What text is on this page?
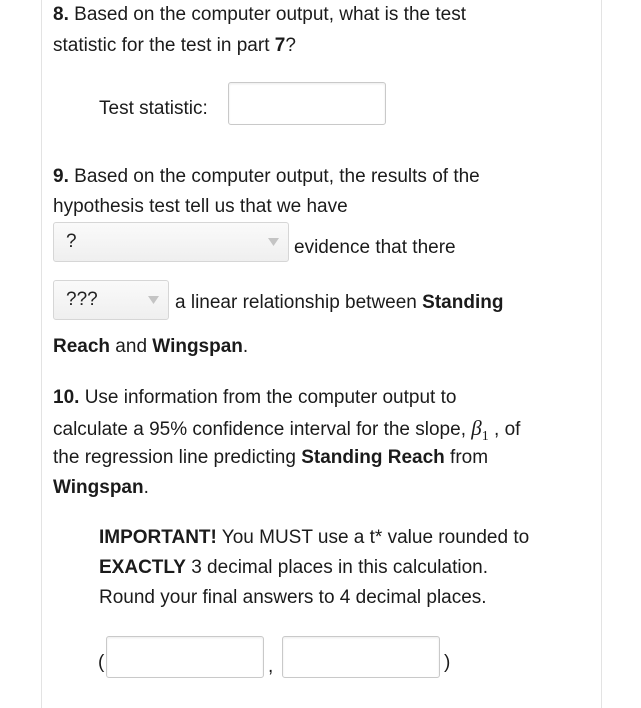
8. Based on the computer output, what is the test
statistic for the test in part 7?
Test statistic:
9. Based on the computer output, the results of the
hypothesis test tell us that we have
?	evidence that there
???	a linear relationship between Standing
Reach and Wingspan.
10. Use information from the computer output to
calculate a 95% confidence interval for the slope, $\beta_1$ , of
the regression line predicting Standing Reach from
Wingspan.
IMPORTANT! You MUST use a t* value rounded to
EXACTLY 3 decimal places in this calculation.
Round your final answers to 4 decimal places.
(	,	)
